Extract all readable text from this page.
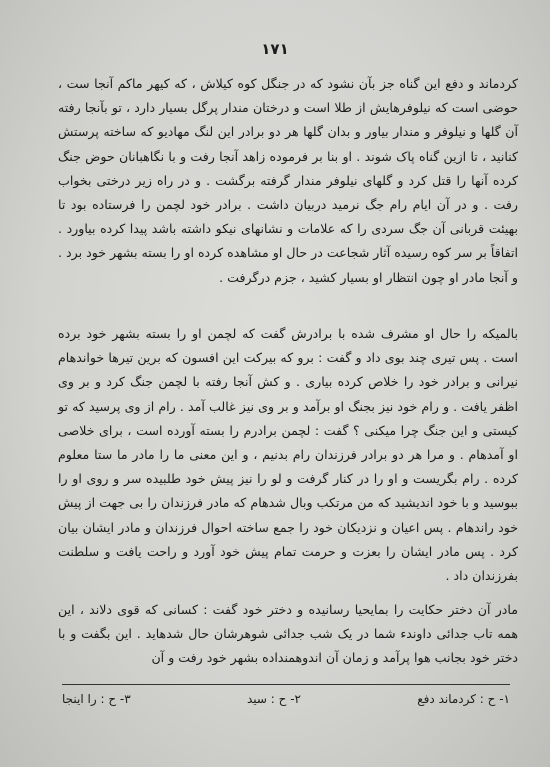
۱۷۱

کردماند و دفع این گناه جز بآن نشود که در جنگل کوه کیلاش ، که کیهر ماکم آنجا ست ، حوضی است که نیلوفرهایش از طلا است و درختان مندار پرگل بسیار دارد ، تو بآنجا رفته آن گلها و نیلوفر و مندار بیاور و بدان گلها هر دو برادر این لنگ مهادیو که ساخته پرستش کنانید ، تا ازین گناه پاک شوند . او بنا بر فرموده زاهد آنجا رفت و با نگاهبانان حوض جنگ کرده آنها را قتل کرد و گلهای نیلوفر مندار گرفته برگشت . و در راه زیر درختی بخواب رفت . و در آن ایام رام جگ نرمید دربیان داشت . برادر خود لچمن را فرستاده بود تا بهیئت قربانی آن جگ سردی را که علامات و نشانهای نیکو داشته باشد پیدا کرده بیاورد . اتفاقاً بر سر کوه رسیده آثار شجاعت در حال او مشاهده کرده او را بسته بشهر خود برد . و آنجا مادر او چون انتظار او بسیار کشید ، جزم درگرفت .

بالمیکه را حال او مشرف شده با برادرش گفت که لچمن او را بسته بشهر خود برده است . پس تیری چند بوی داد و گفت : برو که بیرکت این افسون که برین تیرها خواندهام نیرانی و برادر خود را خلاص کرده بیاری . و کش آنجا رفته با لچمن جنگ کرد و بر وی اظفر یافت . و رام خود نیز بجنگ او برآمد و بر وی نیز غالب آمد . رام از وی پرسید که تو کیستی و این جنگ چرا میکنی ؟ گفت : لچمن برادرم را بسته آورده است ، برای خلاصی او آمدهام . و مرا هر دو برادر فرزندان رام بدنیم ، و این معنی ما را مادر ما ستا معلوم کرده . رام بگریست و او را در کنار گرفت و لو را نیز پیش خود طلبیده سر و روی او را ببوسید و با خود اندیشید که من مرتکب وبال شدهام که مادر فرزندان را بی جهت از پیش خود راندهام . پس اعیان و نزدیکان خود را جمع ساخته احوال فرزندان و مادر ایشان بیان کرد . پس مادر ایشان را بعزت و حرمت تمام پیش خود آورد و راحت یافت و سلطنت بفرزندان داد .

مادر آن دختر حکایت را بمایحیا رسانیده و دختر خود گفت : کسانی که قوی دلاند ، این همه تاب جدائی داوندء شما در یک شب جدائی شوهرشان حال شدهاید . این بگفت و با دختر خود بجانب هوا پرآمد و زمان آن اندوهمنداده بشهر خود رفت و آن

۱- ح : کردماند دفع
۲- ح : سید
۳- ح : را اینجا
